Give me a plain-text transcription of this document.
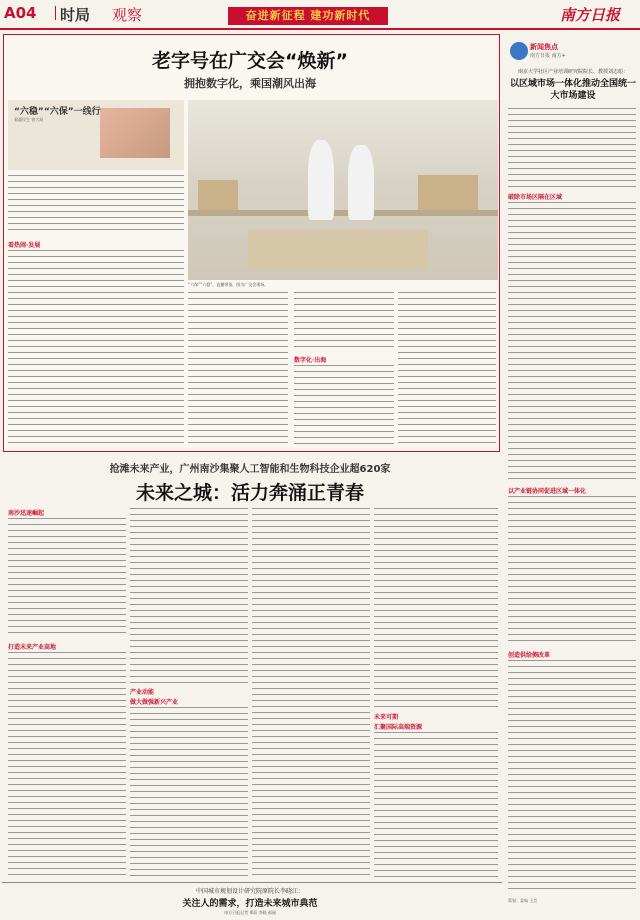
A04 时局 观察	奋进新征程 建功新时代	南方日报
老字号在广交会“焕新”
拥抱数字化，乘国潮风出海
“六稳”“六保”一线行
看惠民生 营大局
“六保”“六稳”，直播带货，图为广交会现场。
看热闹·发展
数字化·出海
抢滩未来产业，广州南沙集聚人工智能和生物科技企业超620家
未来之城：活力奔涌正青春
南沙迅速崛起
打造未来产业高地
产业动能
做大做强新兴产业
未来可期
汇聚国际高端资源
新闻焦点
南方日报 南方+
南京大学社区产业培训研究院院长、教授刘志彪：
以区域市场一体化推动全国统一大市场建设
破除市场区隔在区域
以产业链协同促进区域一体化
创造供给侧改革
中国城市规划设计研究院原院长李晓江：
关注人的需求，打造未来城市典范
南方日报记者 郑蔚 李晓 郝丽
策划：姜茹 王芸
